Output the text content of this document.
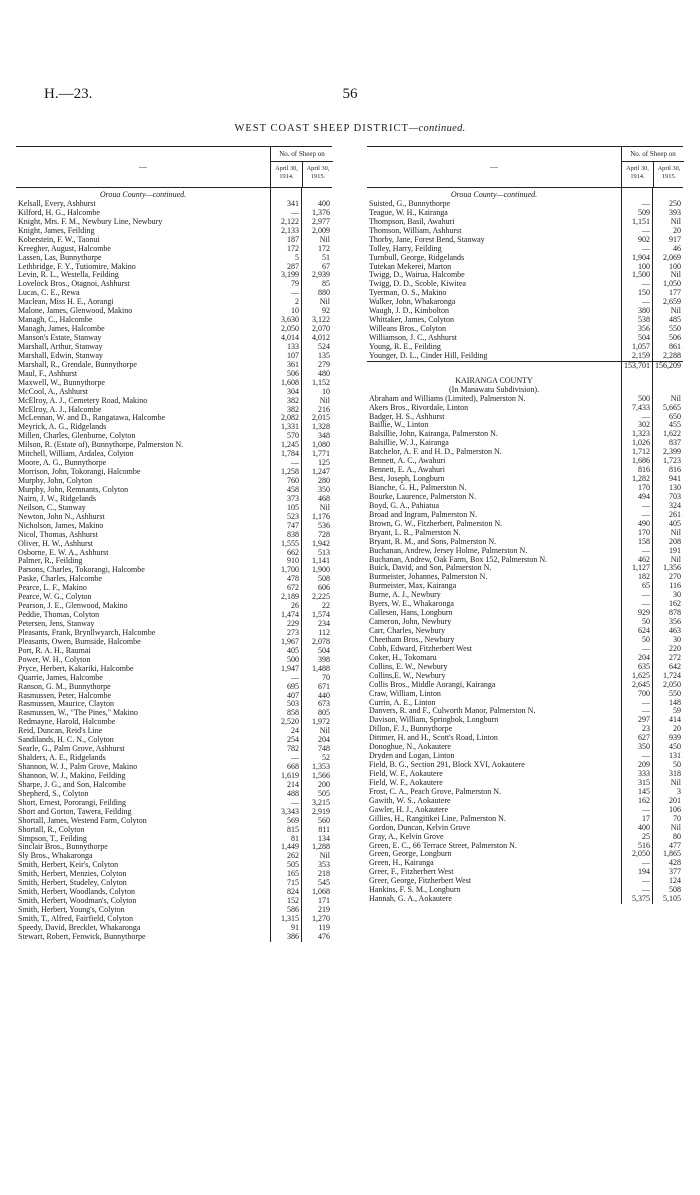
H.—23.	56
WEST COAST SHEEP DISTRICT—continued.
—
No. of Sheep on
April 30, 1914.
April 30, 1915.
Oroua County—continued.
Kelsall, Every, Ashhurst	341	400
Kilford, H. G., Halcombe	—	1,376
Knight, Mrs. F. M., Newbury Line, Newbury	2,122	2,977
Knight, James, Feilding	2,133	2,009
Koberstein, F. W., Taonui	187	Nil
Kreegher, August, Halcombe	172	172
Lassen, Las, Bunnythorpe	5	51
Lethbridge, F. Y., Tutiomire, Makino	287	67
Levin, R. L., Westella, Feilding	3,199	2,939
Lovelock Bros., Otagnoi, Ashhurst	79	85
Lucas, C. E., Rewa	—	880
Maclean, Miss H. E., Aorangi	2	Nil
Malone, James, Glenwood, Makino	10	92
Managh, C., Halcombe	3,630	3,122
Managh, James, Halcombe	2,050	2,070
Manson's Estate, Stanway	4,014	4,012
Marshall, Arthur, Stanway	133	524
Marshall, Edwin, Stanway	107	135
Marshall, R., Grendale, Bunnythorpe	361	279
Maul, F., Ashhurst	506	480
Maxwell, W., Bunnythorpe	1,608	1,152
McCool, A., Ashhurst	304	10
McElroy, A. J., Cemetery Road, Makino	382	Nil
McElroy, A. J., Halcombe	382	216
McLennan, W. and D., Rangatawa, Halcombe	2,082	2,015
Meyrick, A. G., Ridgelands	1,331	1,328
Millen, Charles, Glenburne, Colyton	570	348
Milson, R. (Estate of), Bunnythorpe, Palmerston N.	1,245	1,080
Mitchell, William, Ardalea, Colyton	1,784	1,771
Moore, A. G., Bunnythorpe	—	125
Morrison, John, Tokorangi, Halcombe	1,258	1,247
Murphy, John, Colyton	760	280
Murphy, John, Remnants, Colyton	458	350
Nairn, J. W., Ridgelands	373	468
Neilson, C., Stanway	105	Nil
Newton, John N., Ashhurst	523	1,176
Nicholson, James, Makino	747	536
Nicol, Thomas, Ashhurst	838	728
Oliver, H. W., Ashhurst	1,555	1,942
Osborne, E. W. A., Ashhurst	662	513
Palmer, R., Feilding	910	1,141
Parsons, Charles, Tokorangi, Halcombe	1,700	1,900
Paske, Charles, Halcombe	478	508
Pearce, L. F., Makino	672	606
Pearce, W. G., Colyton	2,189	2,225
Pearson, J. E., Glenwood, Makino	26	22
Peddie, Thomas, Colyton	1,474	1,574
Petersen, Jens, Stanway	229	234
Pleasants, Frank, Brynllwyarch, Halcombe	273	112
Pleasants, Owen, Burnside, Halcombe	1,967	2,078
Port, R. A. H., Raumai	405	504
Power, W. H., Colyton	500	398
Pryce, Herbert, Kakariki, Halcombe	1,947	1,488
Quarrie, James, Halcombe	—	70
Ranson, G. M., Bunnythorpe	695	671
Rasmussen, Peter, Halcombe	407	440
Rasmussen, Maurice, Clayton	503	673
Rasmussen, W., "The Pines," Makino	858	805
Redmayne, Harold, Halcombe	2,520	1,972
Reid, Duncan, Reid's Line	24	Nil
Sandilands, H. C. N., Colyton	254	204
Searle, G., Palm Grove, Ashhurst	782	748
Shalders, A. E., Ridgelands	—	52
Shannon, W. J., Palm Grove, Makino	668	1,353
Shannon, W. J., Makino, Feilding	1,619	1,566
Sharpe, J. G., and Son, Halcombe	214	200
Shepherd, S., Colyton	488	505
Short, Ernest, Pororangi, Feilding	—	3,215
Short and Gorton, Tawera, Feilding	3,343	2,919
Shortall, James, Westend Farm, Colyton	569	560
Shortall, R., Colyton	815	811
Simpson, T., Feilding	81	134
Sinclair Bros., Bunnythorpe	1,449	1,288
Sly Bros., Whakaronga	262	Nil
Smith, Herbert, Keir's, Colyton	505	353
Smith, Herbert, Menzies, Colyton	165	218
Smith, Herbert, Studeley, Colyton	715	545
Smith, Herbert, Woodlands, Colyton	824	1,068
Smith, Herbert, Woodman's, Colyton	152	171
Smith, Herbert, Young's, Colyton	586	219
Smith, T., Alfred, Fairfield, Colyton	1,315	1,270
Speedy, David, Brecklet, Whakaronga	91	119
Stewart, Robert, Fenwick, Bunnythorpe	386	476
—
No. of Sheep on
April 30, 1914.
April 30, 1915.
Oroua County—continued.
Suisted, G., Bunnythorpe	—	250
Teague, W. H., Kairanga	509	393
Thompson, Basil, Awahuri	1,151	Nil
Thomson, William, Ashhurst	—	20
Thorby, Jane, Forest Bend, Stanway	902	917
Tolley, Harry, Feilding	—	46
Turnbull, George, Ridgelands	1,904	2,069
Tutekan Mekerei, Marton	100	100
Twigg, D., Wairua, Halcombe	1,500	Nil
Twigg, D. D., Scoble, Kiwitea	—	1,050
Tyerman, O. S., Makino	150	177
Walker, John, Whakaronga	—	2,659
Waugh, J. D., Kimbolton	380	Nil
Whittaker, James, Colyton	538	485
Willeans Bros., Colyton	356	550
Williamson, J. C., Ashhurst	504	506
Young, R. E., Feilding	1,057	861
Younger, D. L., Cinder Hill, Feilding	2,159	2,288
153,701 156,209
KAIRANGA COUNTY
(In Manawatu Subdivision).
Abraham and Williams (Limited), Palmerston N.	500	Nil
Akers Bros., Rivordale, Linton	7,433	5,665
Badger, H. S., Ashhurst	—	650
Baillie, W., Linton	302	455
Balsillie, John, Kairanga, Palmerston N.	1,323	1,622
Balsillie, W. J., Kairanga	1,026	837
Batchelor, A. F. and H. D., Palmerston N.	1,712	2,399
Bennett, A. C., Awahuri	1,686	1,723
Bennett, E. A., Awahuri	816	816
Best, Joseph, Longburn	1,282	941
Bianche, G. H., Palmerston N.	170	130
Bourke, Laurence, Palmerston N.	494	703
Boyd, G. A., Pahiatua	—	324
Broad and Ingram, Palmerston N.	—	261
Brown, G. W., Fitzherbert, Palmerston N.	490	405
Bryant, L. R., Palmerston N.	170	Nil
Bryant, R. M., and Sons, Palmerston N.	158	208
Buchanan, Andrew, Jersey Holme, Palmerston N.	—	191
Buchanan, Andrew, Oak Farm, Box 152, Palmerston N.	462	Nil
Buick, David, and Son, Palmerston N.	1,127	1,356
Burmeister, Johannes, Palmerston N.	182	270
Burmeister, Max, Kairanga	65	116
Burne, A. J., Newbury	—	30
Byers, W. E., Whakaronga	—	162
Callesen, Hans, Longburn	929	878
Cameron, John, Newbury	50	356
Carr, Charles, Newbury	624	463
Cheetham Bros., Newbury	50	30
Cobb, Edward, Fitzherbert West	—	220
Coker, H., Tokomaru	204	272
Collins, E. W., Newbury	635	642
Collins,E. W., Newbury	1,625	1,724
Collis Bros., Middle Aorangi, Kairanga	2,645	2,050
Craw, William, Linton	700	550
Currin, A. E., Linton	—	148
Danvers, R. and F., Culworth Manor, Palmerston N.	—	59
Davison, William, Springbok, Longburn	297	414
Dillon, F. J., Bunnythorpe	23	20
Dittmer, H. and H., Scott's Road, Linton	627	939
Donoghue, N., Aokautere	350	450
Dryden and Logan, Linton	—	131
Field, B. G., Section 291, Block XVI, Aokautere	209	50
Field, W. F., Aokautere	333	318
Field, W. F., Aokautere	315	Nil
Frost, C. A., Peach Grove, Palmerston N.	145	3
Gawith, W. S., Aokautere	162	201
Gawler, H. J., Aokautere	—	106
Gillies, H., Rangitikei Line, Palmerston N.	17	70
Gordon, Duncan, Kelvin Grove	400	Nil
Gray, A., Kelvin Grove	25	80
Green, E. C., 66 Terrace Street, Palmerston N.	516	477
Green, George, Longburn	2,050	1,865
Green, H., Kairanga	—	428
Greer, F., Fitzherbert West	194	377
Greer, George, Fitzherbert West	—	124
Hankins, F. S. M., Longburn	—	508
Hannah, G. A., Aokautere	5,375	5,105
